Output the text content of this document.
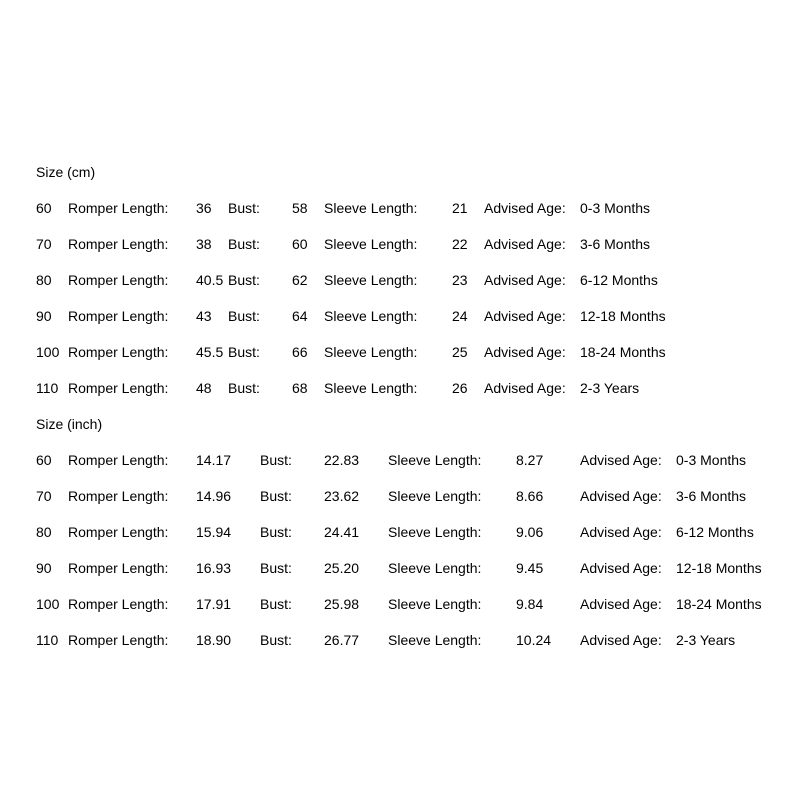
Size (cm)
60 Romper Length: 36 Bust: 58 Sleeve Length: 21 Advised Age: 0-3 Months
70 Romper Length: 38 Bust: 60 Sleeve Length: 22 Advised Age: 3-6 Months
80 Romper Length: 40.5 Bust: 62 Sleeve Length: 23 Advised Age: 6-12 Months
90 Romper Length: 43 Bust: 64 Sleeve Length: 24 Advised Age: 12-18 Months
100 Romper Length: 45.5 Bust: 66 Sleeve Length: 25 Advised Age: 18-24 Months
110 Romper Length: 48 Bust: 68 Sleeve Length: 26 Advised Age: 2-3 Years
Size (inch)
60 Romper Length: 14.17 Bust: 22.83 Sleeve Length: 8.27	Advised Age: 0-3 Months
70 Romper Length: 14.96 Bust: 23.62 Sleeve Length: 8.66	Advised Age: 3-6 Months
80 Romper Length: 15.94 Bust: 24.41 Sleeve Length: 9.06	Advised Age: 6-12 Months
90 Romper Length: 16.93 Bust: 25.20 Sleeve Length: 9.45	Advised Age: 12-18 Months
100 Romper Length: 17.91 Bust: 25.98 Sleeve Length: 9.84	Advised Age: 18-24 Months
110 Romper Length: 18.90 Bust: 26.77 Sleeve Length: 10.24 Advised Age: 2-3 Years
